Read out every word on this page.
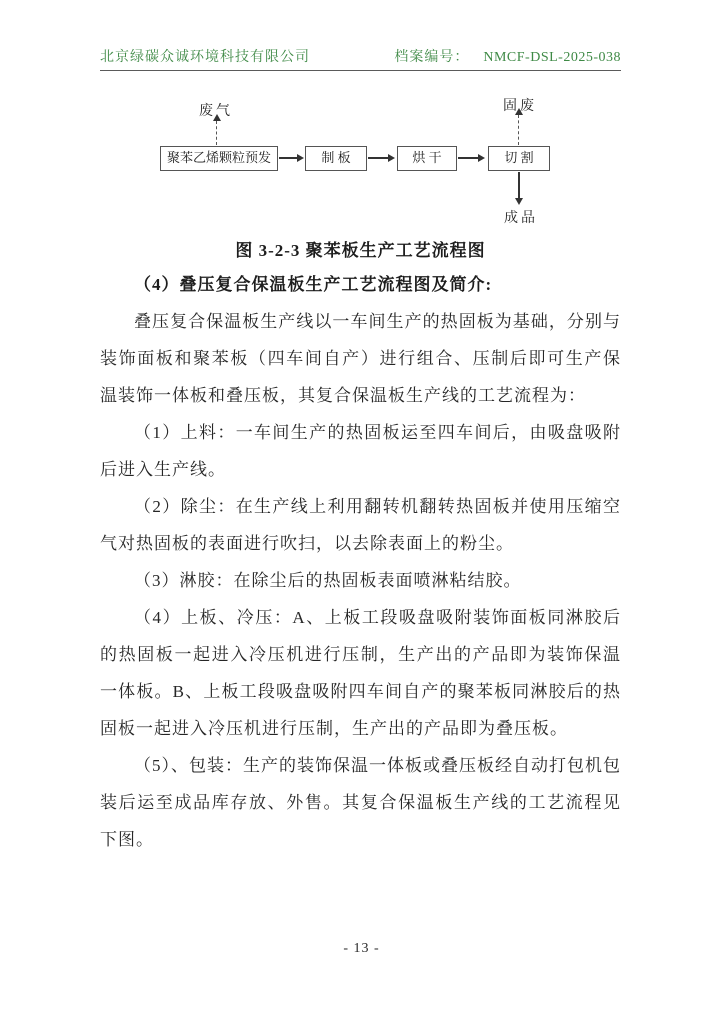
北京绿碳众诚环境科技有限公司	档案编号： NMCF-DSL-2025-038
废气
聚苯乙烯颗粒预发	制 板	烘 干	切 割
固废
成品
图 3-2-3 聚苯板生产工艺流程图

（4）叠压复合保温板生产工艺流程图及简介:

叠压复合保温板生产线以一车间生产的热固板为基础，分别与装饰面板和聚苯板（四车间自产）进行组合、压制后即可生产保温装饰一体板和叠压板，其复合保温板生产线的工艺流程为：

（1）上料：一车间生产的热固板运至四车间后，由吸盘吸附后进入生产线。

（2）除尘：在生产线上利用翻转机翻转热固板并使用压缩空气对热固板的表面进行吹扫，以去除表面上的粉尘。

（3）淋胶：在除尘后的热固板表面喷淋粘结胶。

（4）上板、冷压：A、上板工段吸盘吸附装饰面板同淋胶后的热固板一起进入冷压机进行压制，生产出的产品即为装饰保温一体板。B、上板工段吸盘吸附四车间自产的聚苯板同淋胶后的热固板一起进入冷压机进行压制，生产出的产品即为叠压板。

（5）、包装：生产的装饰保温一体板或叠压板经自动打包机包装后运至成品库存放、外售。其复合保温板生产线的工艺流程见下图。

- 13 -
